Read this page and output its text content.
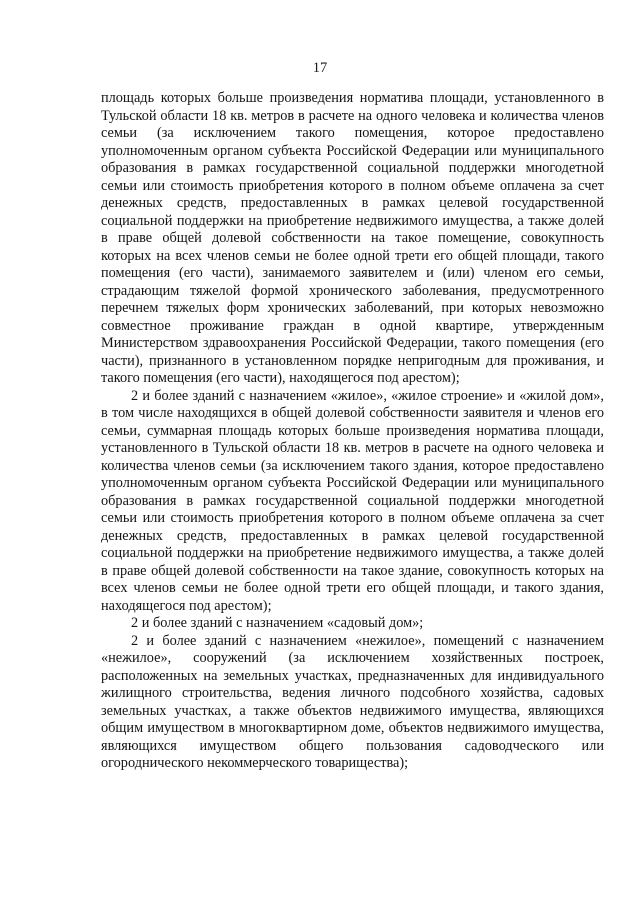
17

площадь которых больше произведения норматива площади, установленного в Тульской области 18 кв. метров в расчете на одного человека и количества членов семьи (за исключением такого помещения, которое предоставлено уполномоченным органом субъекта Российской Федерации или муниципального образования в рамках государственной социальной поддержки многодетной семьи или стоимость приобретения которого в полном объеме оплачена за счет денежных средств, предоставленных в рамках целевой государственной социальной поддержки на приобретение недвижимого имущества, а также долей в праве общей долевой собственности на такое помещение, совокупность которых на всех членов семьи не более одной трети его общей площади, такого помещения (его части), занимаемого заявителем и (или) членом его семьи, страдающим тяжелой формой хронического заболевания, предусмотренного перечнем тяжелых форм хронических заболеваний, при которых невозможно совместное проживание граждан в одной квартире, утвержденным Министерством здравоохранения Российской Федерации, такого помещения (его части), признанного в установленном порядке непригодным для проживания, и такого помещения (его части), находящегося под арестом);

2 и более зданий с назначением «жилое», «жилое строение» и «жилой дом», в том числе находящихся в общей долевой собственности заявителя и членов его семьи, суммарная площадь которых больше произведения норматива площади, установленного в Тульской области 18 кв. метров в расчете на одного человека и количества членов семьи (за исключением такого здания, которое предоставлено уполномоченным органом субъекта Российской Федерации или муниципального образования в рамках государственной социальной поддержки многодетной семьи или стоимость приобретения которого в полном объеме оплачена за счет денежных средств, предоставленных в рамках целевой государственной социальной поддержки на приобретение недвижимого имущества, а также долей в праве общей долевой собственности на такое здание, совокупность которых на всех членов семьи не более одной трети его общей площади, и такого здания, находящегося под арестом);

2 и более зданий с назначением «садовый дом»;

2 и более зданий с назначением «нежилое», помещений с назначением «нежилое», сооружений (за исключением хозяйственных построек, расположенных на земельных участках, предназначенных для индивидуального жилищного строительства, ведения личного подсобного хозяйства, садовых земельных участках, а также объектов недвижимого имущества, являющихся общим имуществом в многоквартирном доме, объектов недвижимого имущества, являющихся имуществом общего пользования садоводческого или огороднического некоммерческого товарищества);
